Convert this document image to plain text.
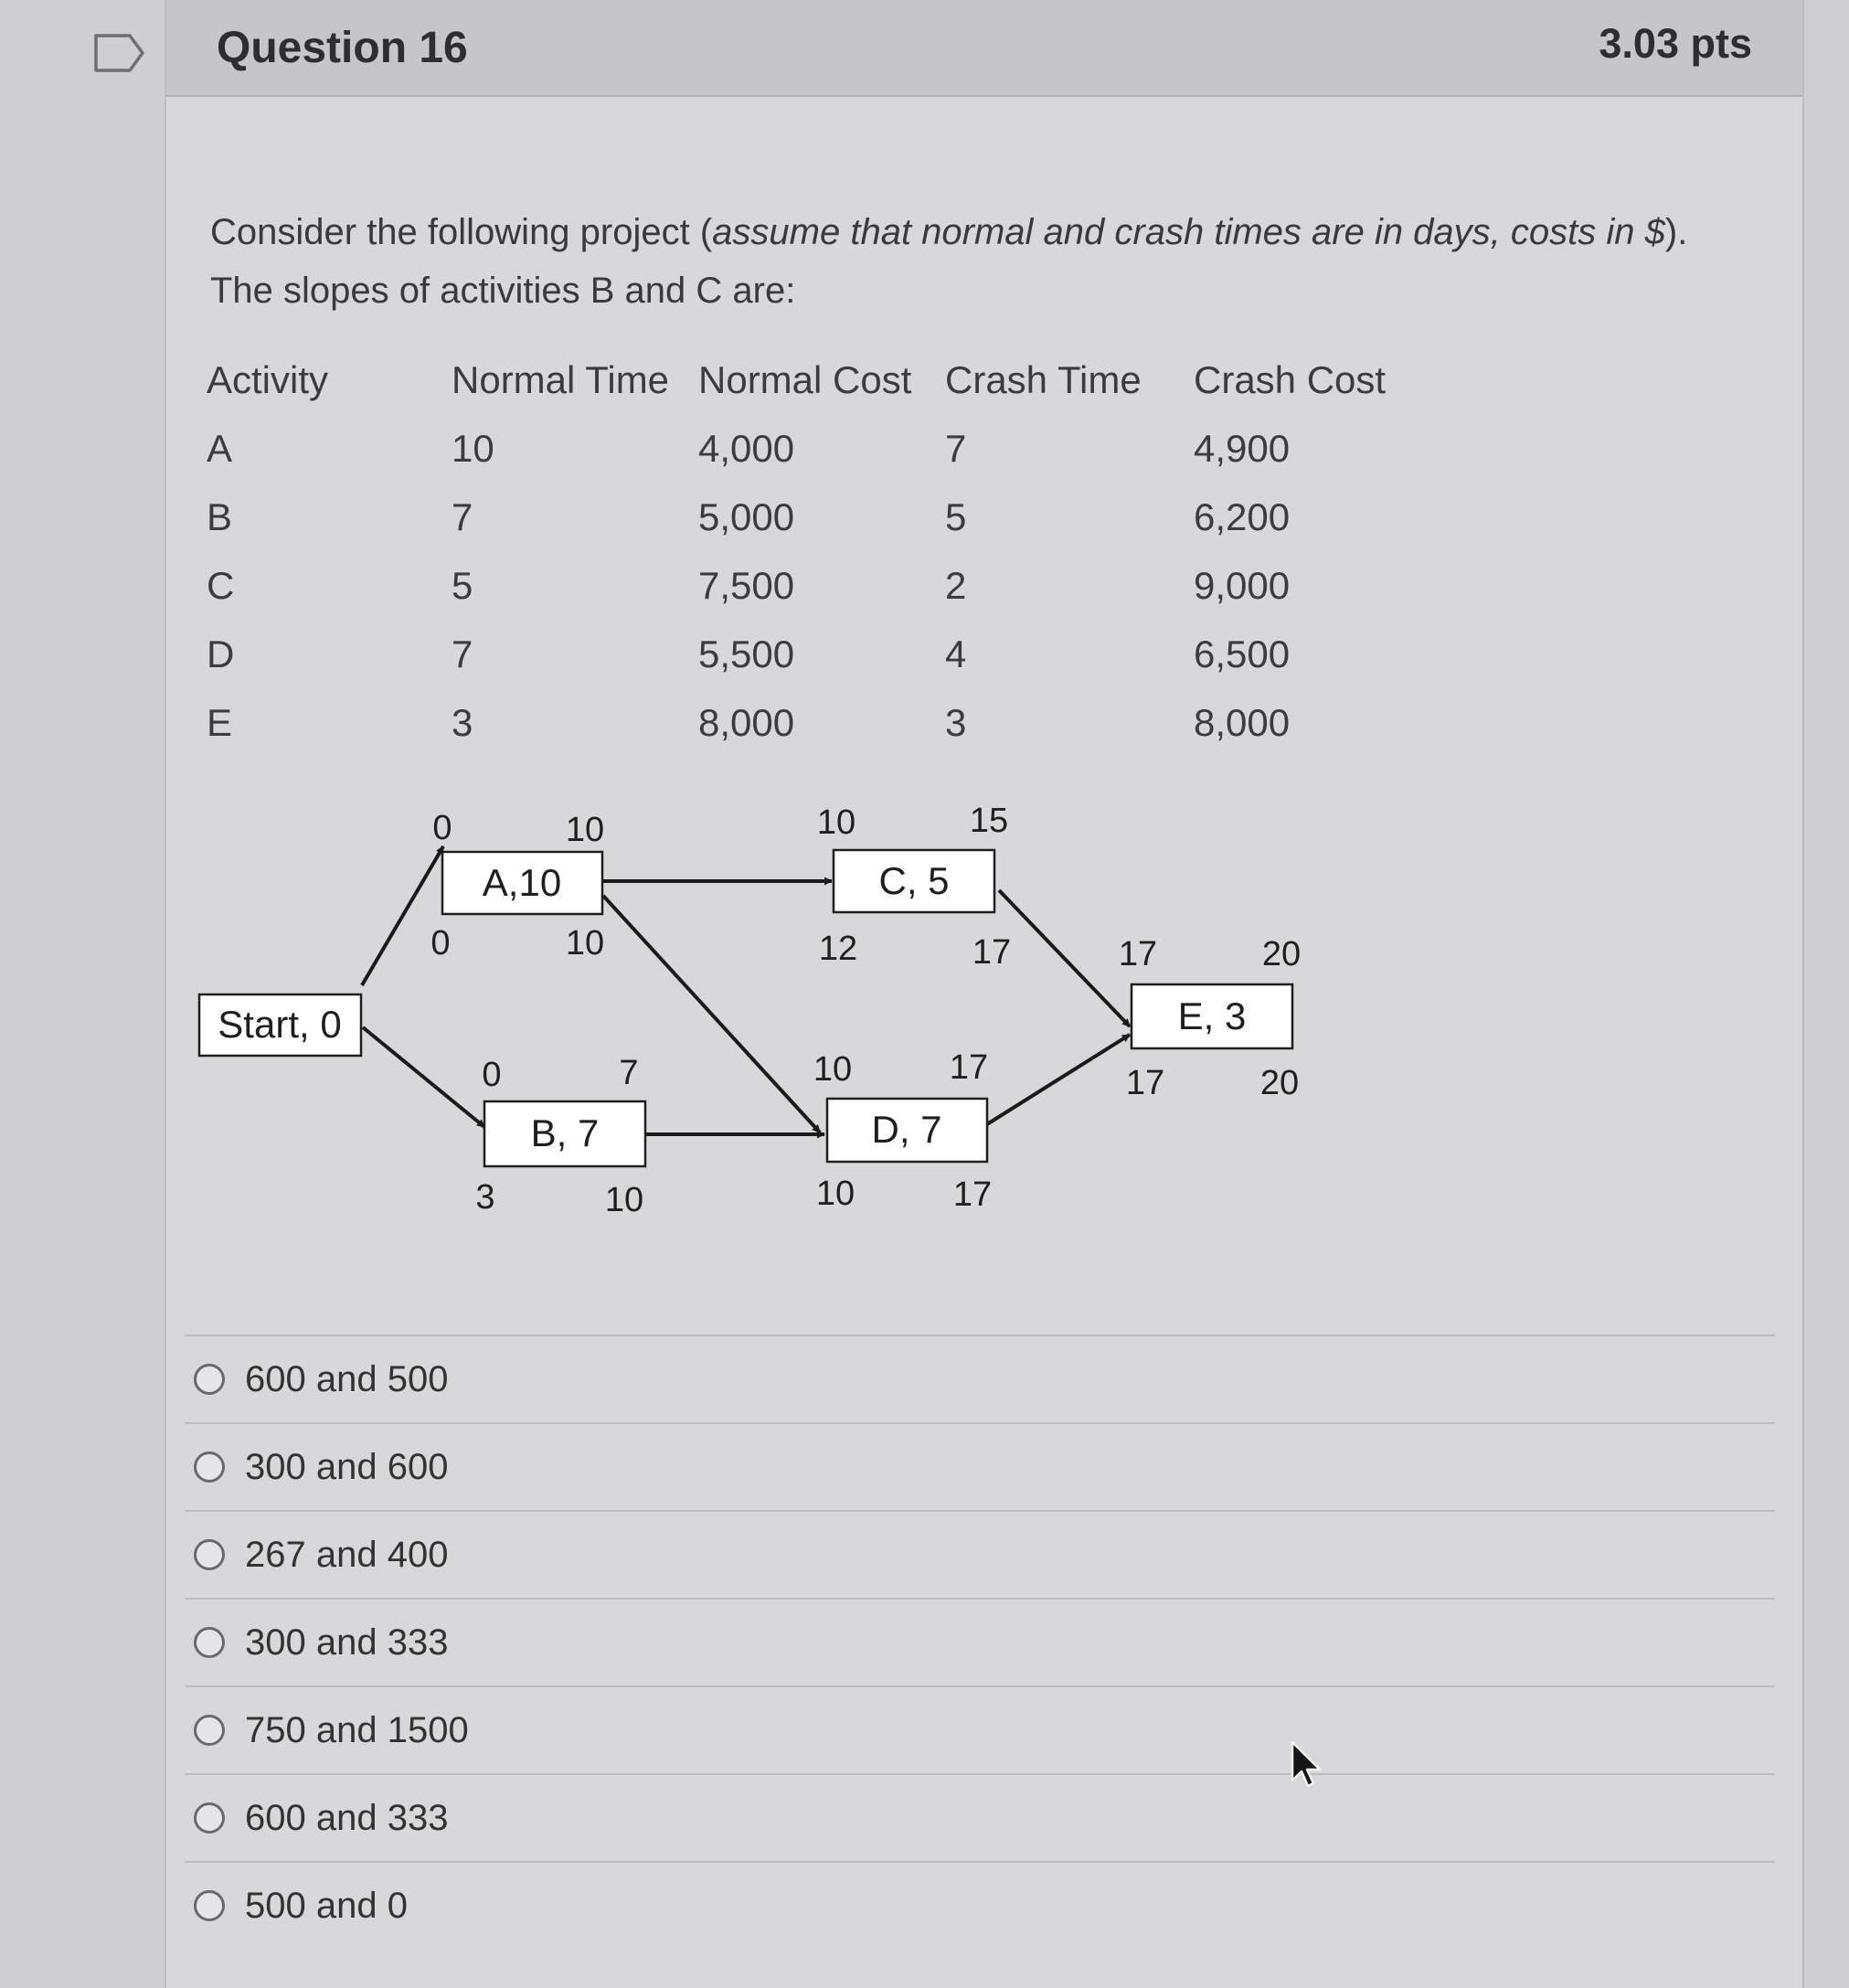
Question 16	3.03 pts
Consider the following project (assume that normal and crash times are in days, costs in $).
The slopes of activities B and C are:
Activity	Normal Time	Normal Cost	Crash Time	Crash Cost
A	10	4,000	7	4,900
B	7	5,000	5	6,200
C	5	7,500	2	9,000
D	7	5,500	4	6,500
E	3	8,000	3	8,000
Start, 0
A,10
B, 7
C, 5
D, 7
E, 3
0	10
0	10
10	15
12	17	17	20
17	20
0	7
3	10
10	17
10	17
600 and 500
300 and 600
267 and 400
300 and 333
750 and 1500
600 and 333
500 and 0
